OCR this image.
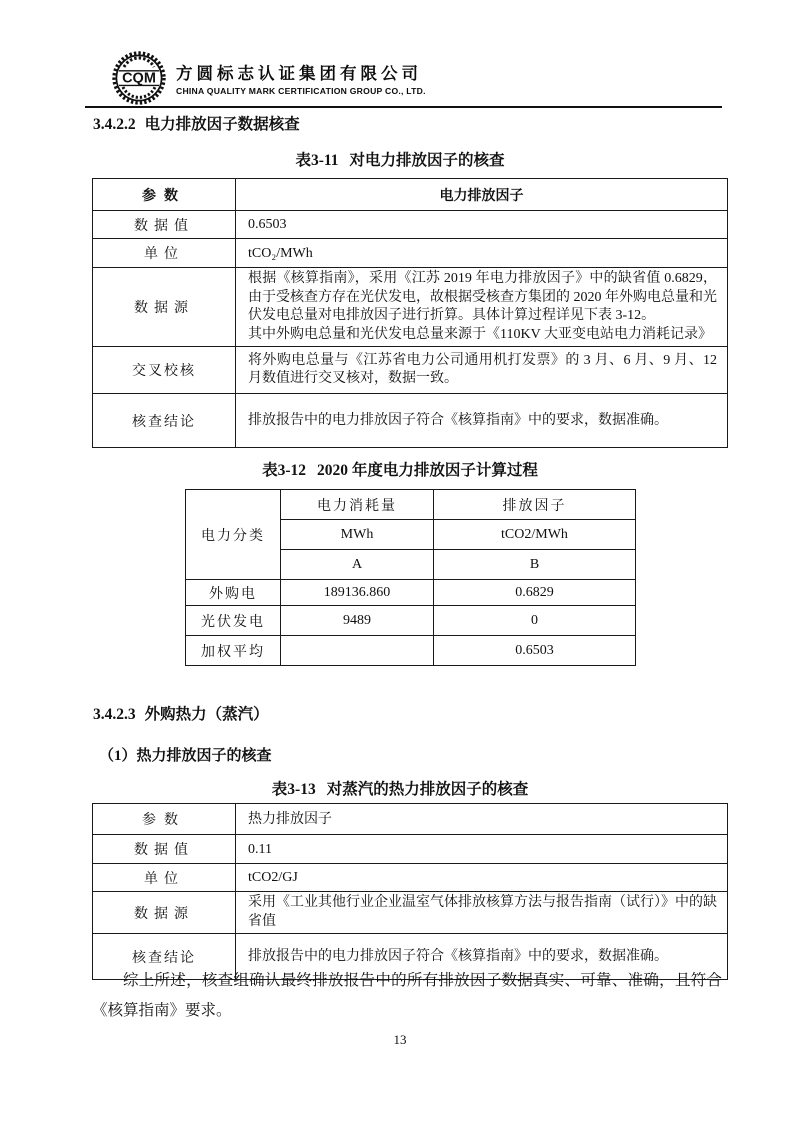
CQM 方圆标志认证集团有限公司
CHINA QUALITY MARK CERTIFICATION GROUP CO., LTD.
3.4.2.2 电力排放因子数据核查
表3-11 对电力排放因子的核查
参数	电力排放因子
数据值	0.6503
单位	tCO₂/MWh
数据源	根据《核算指南》，采用《江苏 2019 年电力排放因子》中的缺省值 0.6829，由于受核查方存在光伏发电，故根据受核查方集团的 2020 年外购电总量和光伏发电总量对电排放因子进行折算。具体计算过程详见下表 3-12。
其中外购电总量和光伏发电总量来源于《110KV 大亚变电站电力消耗记录》

交叉校核	将外购电总量与《江苏省电力公司通用机打发票》的 3 月、6 月、9 月、12 月数值进行交叉核对，数据一致。
核查结论	排放报告中的电力排放因子符合《核算指南》中的要求，数据准确。
表3-12 2020 年度电力排放因子计算过程
电力分类	电力消耗量	排放因子
	MWh	tCO2/MWh
	A	B
外购电	189136.860	0.6829
光伏发电	9489	0
加权平均		0.6503
3.4.2.3 外购热力（蒸汽）
（1）热力排放因子的核查
表3-13 对蒸汽的热力排放因子的核查
参数	热力排放因子
数据值	0.11
单位	tCO2/GJ
数据源	采用《工业其他行业企业温室气体排放核算方法与报告指南（试行）》中的缺省值
核查结论	排放报告中的电力排放因子符合《核算指南》中的要求，数据准确。
综上所述，核查组确认最终排放报告中的所有排放因子数据真实、可靠、准确，且符合《核算指南》要求。
13
